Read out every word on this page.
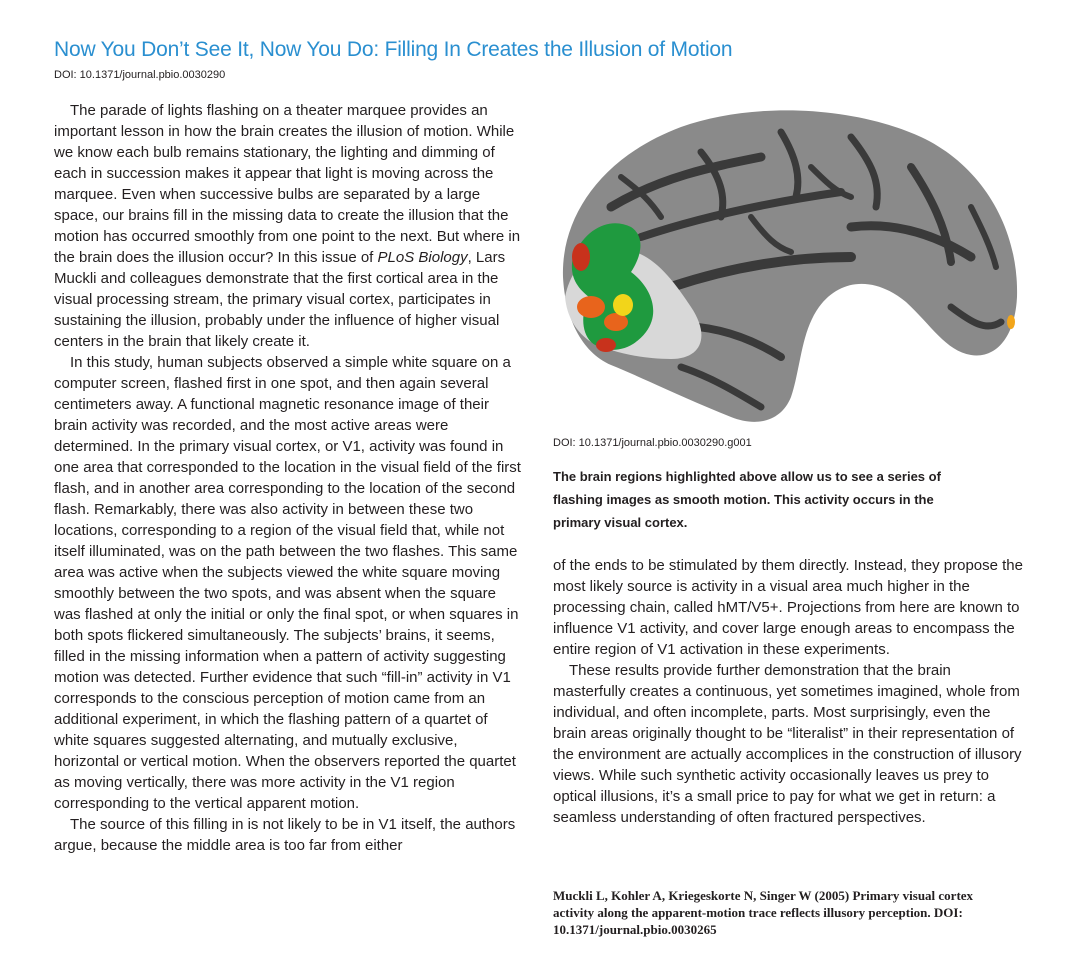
Now You Don’t See It, Now You Do: Filling In Creates the Illusion of Motion
DOI: 10.1371/journal.pbio.0030290

The parade of lights flashing on a theater marquee provides an important lesson in how the brain creates the illusion of motion. While we know each bulb remains stationary, the lighting and dimming of each in succession makes it appear that light is moving across the marquee. Even when successive bulbs are separated by a large space, our brains fill in the missing data to create the illusion that the motion has occurred smoothly from one point to the next. But where in the brain does the illusion occur? In this issue of PLoS Biology, Lars Muckli and colleagues demonstrate that the first cortical area in the visual processing stream, the primary visual cortex, participates in sustaining the illusion, probably under the influence of higher visual centers in the brain that likely create it.

In this study, human subjects observed a simple white square on a computer screen, flashed first in one spot, and then again several centimeters away. A functional magnetic resonance image of their brain activity was recorded, and the most active areas were determined. In the primary visual cortex, or V1, activity was found in one area that corresponded to the location in the visual field of the first flash, and in another area corresponding to the location of the second flash. Remarkably, there was also activity in between these two locations, corresponding to a region of the visual field that, while not itself illuminated, was on the path between the two flashes. This same area was active when the subjects viewed the white square moving smoothly between the two spots, and was absent when the square was flashed at only the initial or only the final spot, or when squares in both spots flickered simultaneously. The subjects’ brains, it seems, filled in the missing information when a pattern of activity suggesting motion was detected. Further evidence that such “fill-in” activity in V1 corresponds to the conscious perception of motion came from an additional experiment, in which the flashing pattern of a quartet of white squares suggested alternating, and mutually exclusive, horizontal or vertical motion. When the observers reported the quartet as moving vertically, there was more activity in the V1 region corresponding to the vertical apparent motion.

The source of this filling in is not likely to be in V1 itself, the authors argue, because the middle area is too far from either

DOI: 10.1371/journal.pbio.0030290.g001
The brain regions highlighted above allow us to see a series of flashing images as smooth motion. This activity occurs in the primary visual cortex.

of the ends to be stimulated by them directly. Instead, they propose the most likely source is activity in a visual area much higher in the processing chain, called hMT/V5+. Projections from here are known to influence V1 activity, and cover large enough areas to encompass the entire region of V1 activation in these experiments.

These results provide further demonstration that the brain masterfully creates a continuous, yet sometimes imagined, whole from individual, and often incomplete, parts. Most surprisingly, even the brain areas originally thought to be “literalist” in their representation of the environment are actually accomplices in the construction of illusory views. While such synthetic activity occasionally leaves us prey to optical illusions, it’s a small price to pay for what we get in return: a seamless understanding of often fractured perspectives.

Muckli L, Kohler A, Kriegeskorte N, Singer W (2005) Primary visual cortex activity along the apparent-motion trace reflects illusory perception. DOI: 10.1371/journal.pbio.0030265
